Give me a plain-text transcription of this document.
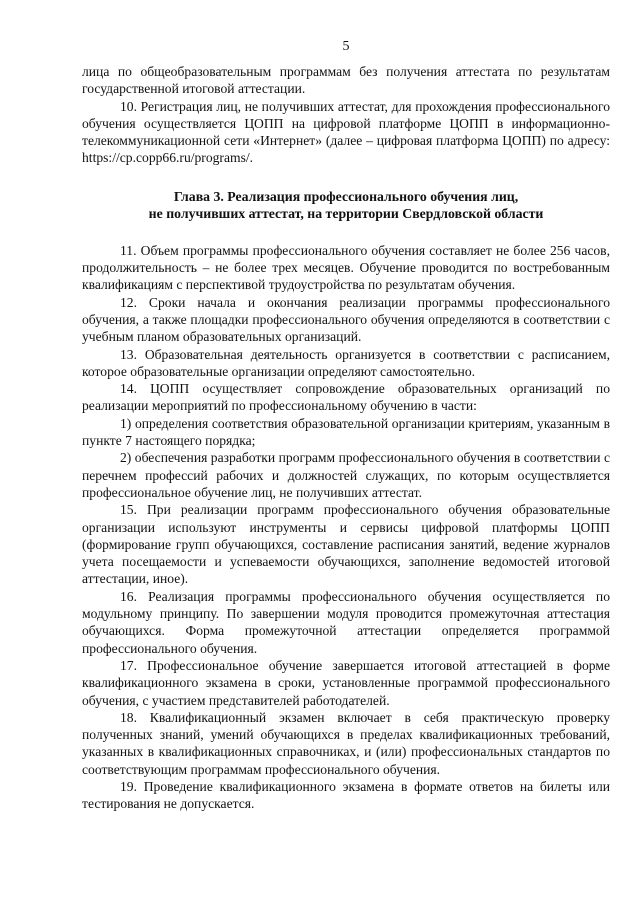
5

лица по общеобразовательным программам без получения аттестата по результатам государственной итоговой аттестации.

10. Регистрация лиц, не получивших аттестат, для прохождения профессионального обучения осуществляется ЦОПП на цифровой платформе ЦОПП в информационно-телекоммуникационной сети «Интернет» (далее – цифровая платформа ЦОПП) по адресу: https://cp.copp66.ru/programs/.

Глава 3. Реализация профессионального обучения лиц,
не получивших аттестат, на территории Свердловской области

11. Объем программы профессионального обучения составляет не более 256 часов, продолжительность – не более трех месяцев. Обучение проводится по востребованным квалификациям с перспективой трудоустройства по результатам обучения.

12. Сроки начала и окончания реализации программы профессионального обучения, а также площадки профессионального обучения определяются в соответствии с учебным планом образовательных организаций.

13. Образовательная деятельность организуется в соответствии с расписанием, которое образовательные организации определяют самостоятельно.

14. ЦОПП осуществляет сопровождение образовательных организаций по реализации мероприятий по профессиональному обучению в части:

1) определения соответствия образовательной организации критериям, указанным в пункте 7 настоящего порядка;

2) обеспечения разработки программ профессионального обучения в соответствии с перечнем профессий рабочих и должностей служащих, по которым осуществляется профессиональное обучение лиц, не получивших аттестат.

15. При реализации программ профессионального обучения образовательные организации используют инструменты и сервисы цифровой платформы ЦОПП (формирование групп обучающихся, составление расписания занятий, ведение журналов учета посещаемости и успеваемости обучающихся, заполнение ведомостей итоговой аттестации, иное).

16. Реализация программы профессионального обучения осуществляется по модульному принципу. По завершении модуля проводится промежуточная аттестация обучающихся. Форма промежуточной аттестации определяется программой профессионального обучения.

17. Профессиональное обучение завершается итоговой аттестацией в форме квалификационного экзамена в сроки, установленные программой профессионального обучения, с участием представителей работодателей.

18. Квалификационный экзамен включает в себя практическую проверку полученных знаний, умений обучающихся в пределах квалификационных требований, указанных в квалификационных справочниках, и (или) профессиональных стандартов по соответствующим программам профессионального обучения.

19. Проведение квалификационного экзамена в формате ответов на билеты или тестирования не допускается.
